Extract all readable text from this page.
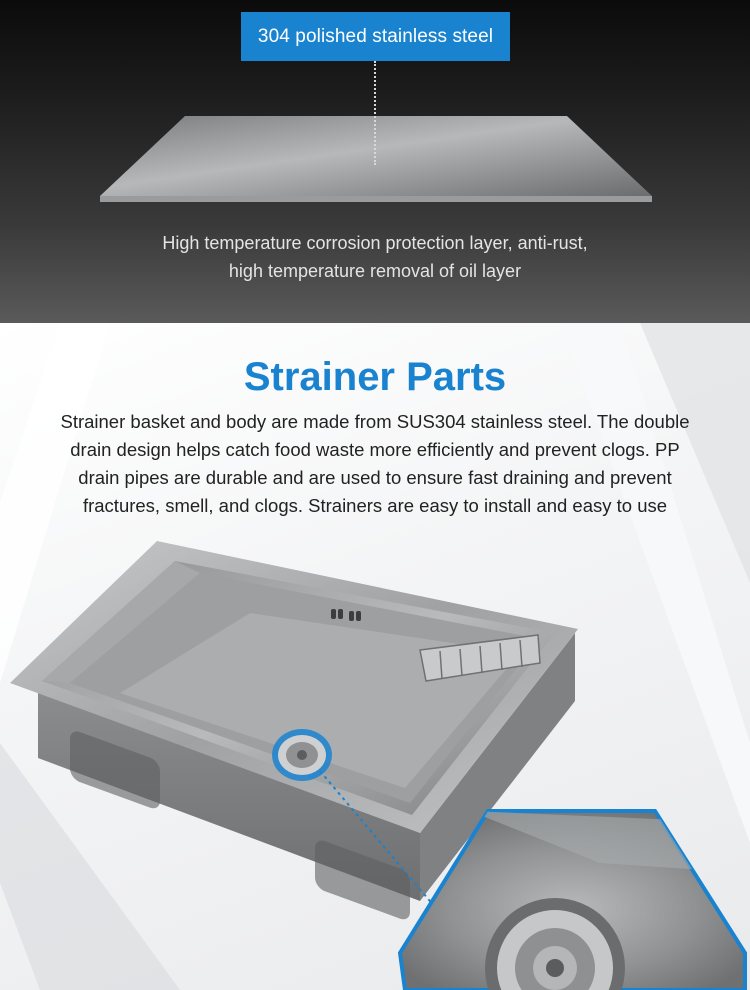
304 polished stainless steel
High temperature corrosion protection layer, anti-rust,
high temperature removal of oil layer
Strainer Parts
Strainer basket and body are made from SUS304 stainless steel. The double
drain design helps catch food waste more efficiently and prevent clogs. PP
drain pipes are durable and are used to ensure fast draining and prevent
fractures, smell, and clogs. Strainers are easy to install and easy to use
